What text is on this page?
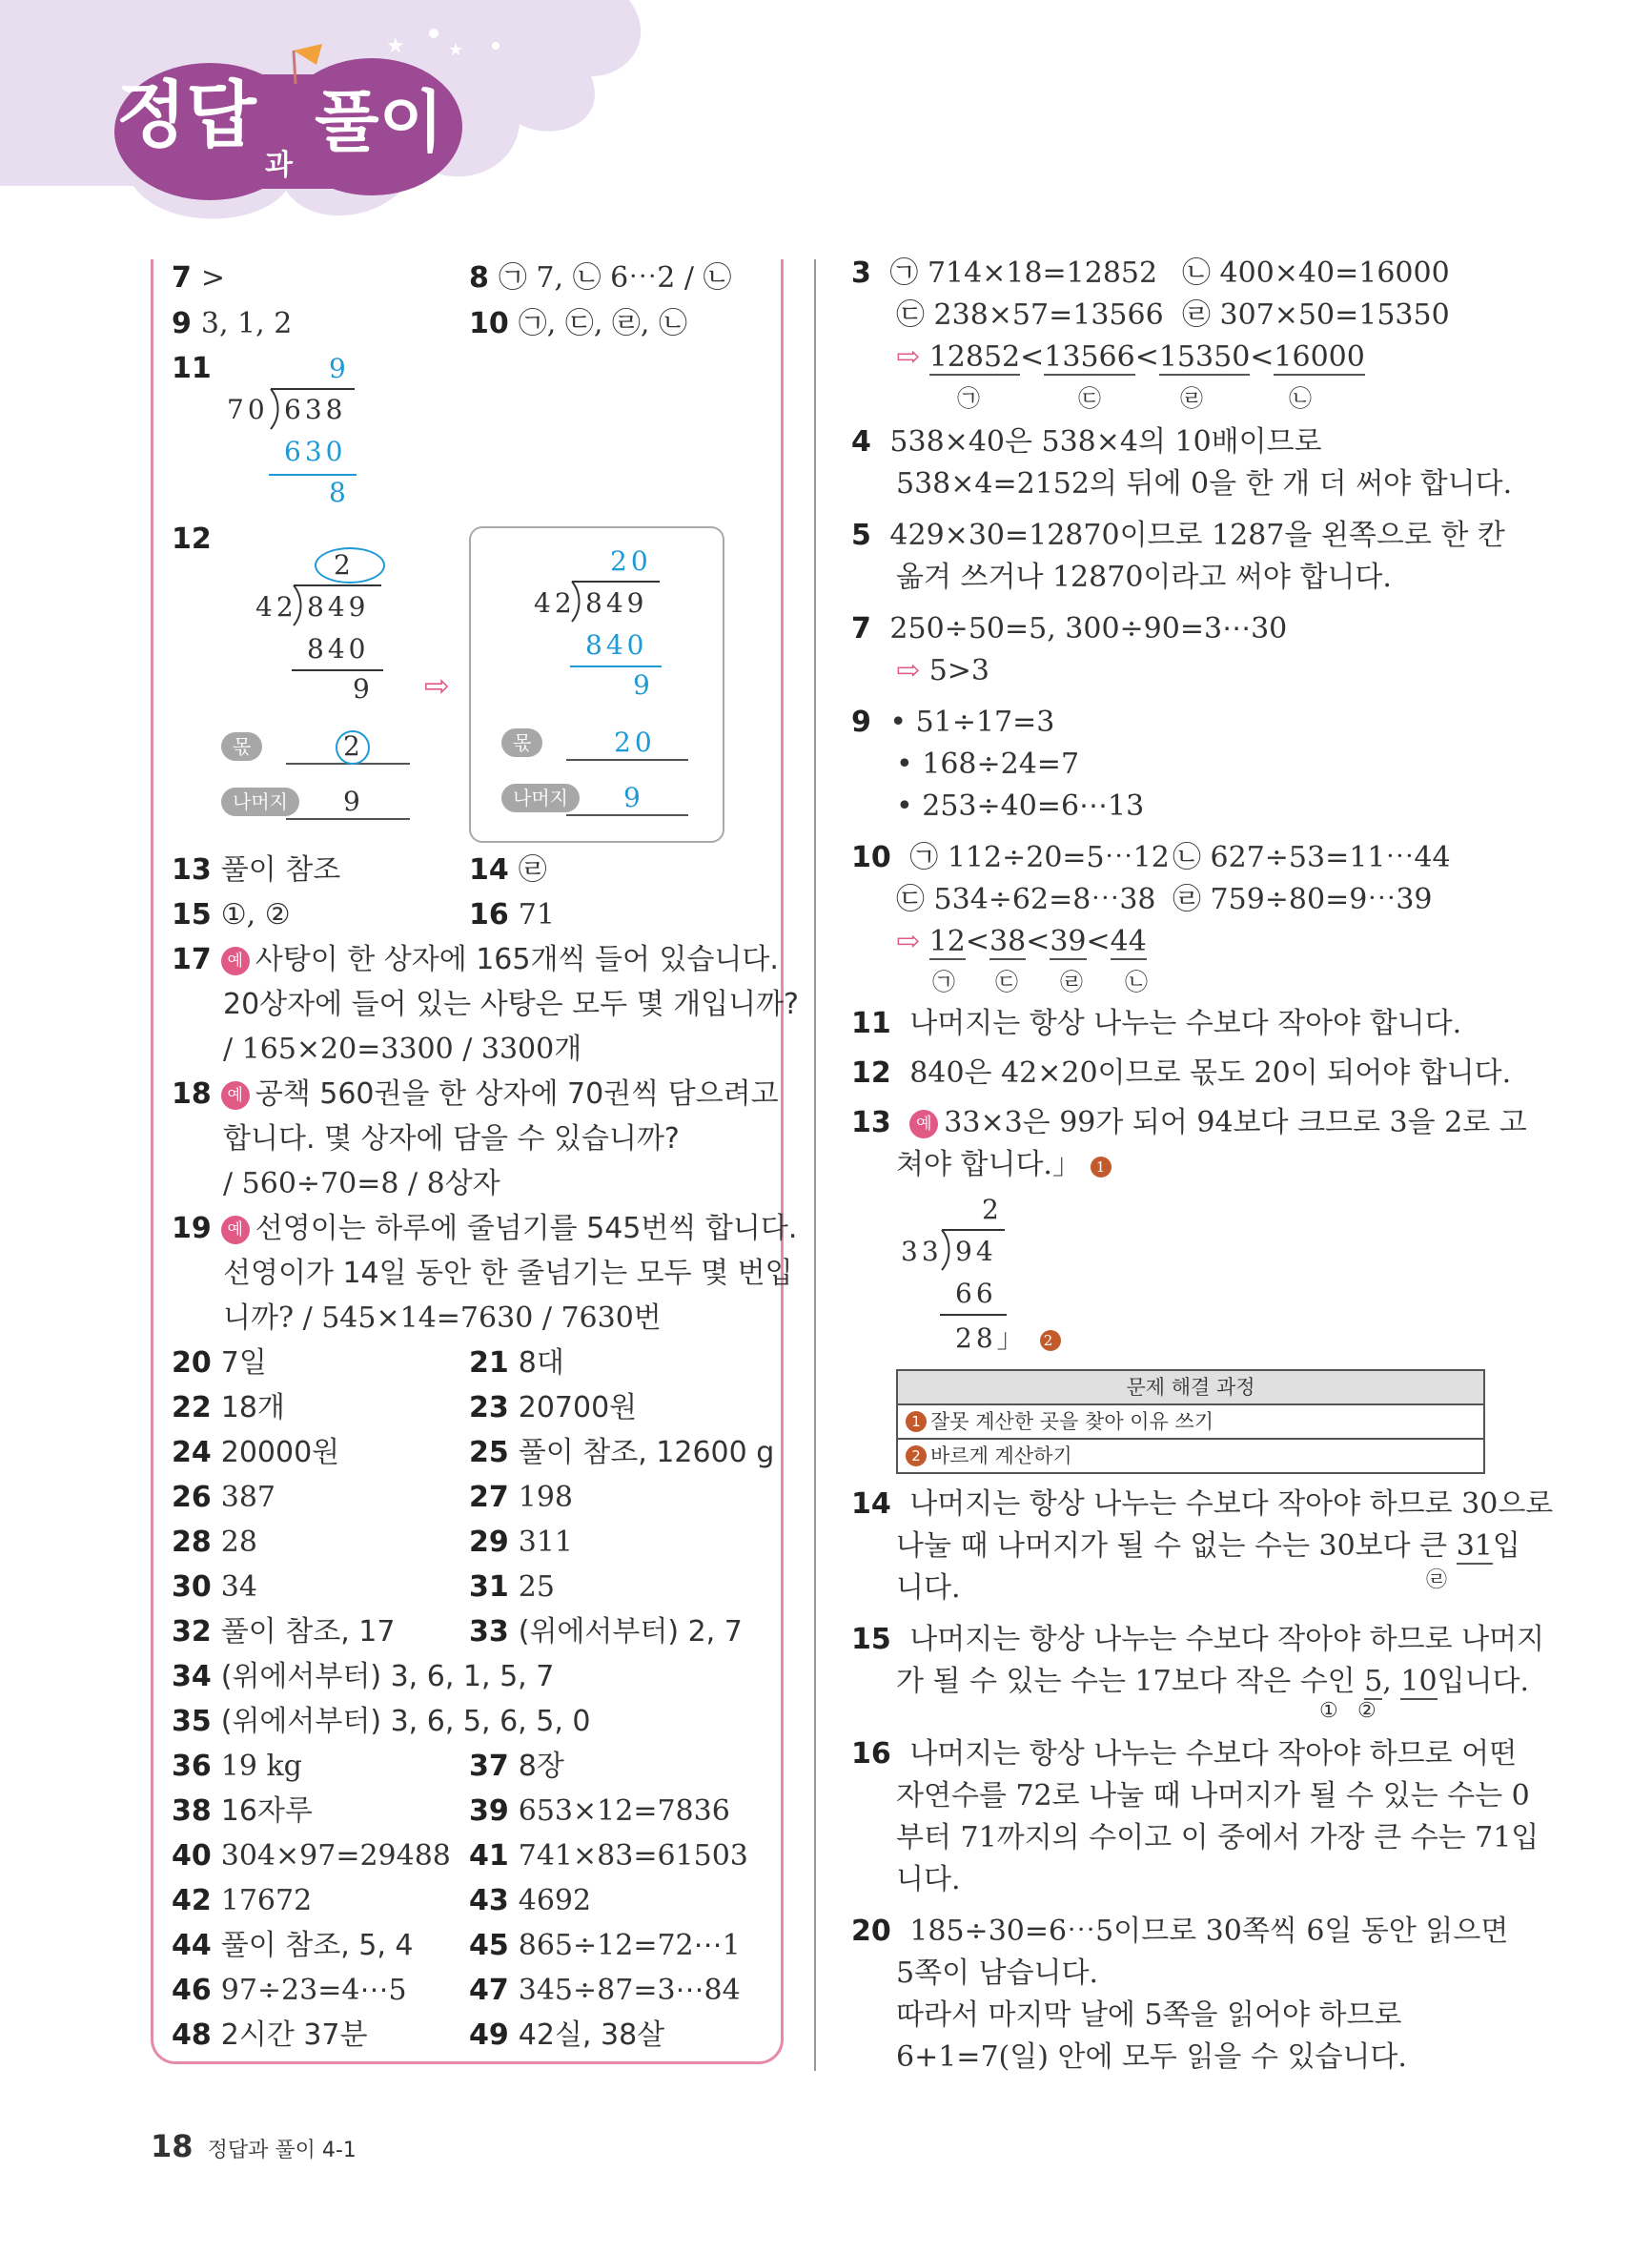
★	★
정답
과
풀이
7 >	8 ㉠ 7, ㉡ 6⋯2 / ㉡
9 3, 1, 2	10 ㉠, ㉢, ㉣, ㉡
11	9
70 638
630
8
12
2
42 849
840
9 ⇨
몫	2
나머지	9
20
42 849
840
9
몫	20
나머지	9
13 풀이 참조	14 ㉣
15 ①, ②	16 71
17 예 사탕이 한 상자에 165개씩 들어 있습니다.
20상자에 들어 있는 사탕은 모두 몇 개입니까?
/ 165×20=3300 / 3300개
18 예 공책 560권을 한 상자에 70권씩 담으려고
합니다. 몇 상자에 담을 수 있습니까?
/ 560÷70=8 / 8상자
19 예 선영이는 하루에 줄넘기를 545번씩 합니다.
선영이가 14일 동안 한 줄넘기는 모두 몇 번입
니까? / 545×14=7630 / 7630번
20 7일	21 8대
22 18개	23 20700원
24 20000원	25 풀이 참조, 12600 g
26 387	27 198
28 28	29 311
30 34	31 25
32 풀이 참조, 17	33 (위에서부터) 2, 7
34 (위에서부터) 3, 6, 1, 5, 7
35 (위에서부터) 3, 6, 5, 6, 5, 0
36 19 kg	37 8장
38 16자루	39 653×12=7836
40 304×97=29488 41 741×83=61503
42 17672	43 4692
44 풀이 참조, 5, 4 45 865÷12=72⋯1
46 97÷23=4⋯5 47 345÷87=3⋯84
48 2시간 37분	49 42실, 38살
3 ㉠ 714×18=12852 ㉡ 400×40=16000
㉢ 238×57=13566 ㉣ 307×50=15350
⇨ 12852<13566<15350<16000
㉠	㉢	㉣	㉡
4 538×40은 538×4의 10배이므로
538×4=2152의 뒤에 0을 한 개 더 써야 합니다.
5 429×30=12870이므로 1287을 왼쪽으로 한 칸
옮겨 쓰거나 12870이라고 써야 합니다.
7 250÷50=5, 300÷90=3⋯30
⇨ 5>3
9 • 51÷17=3
• 168÷24=7
• 253÷40=6⋯13
10 ㉠ 112÷20=5⋯12 ㉡ 627÷53=11⋯44
㉢ 534÷62=8⋯38 ㉣ 759÷80=9⋯39
⇨ 12<38<39<44
㉠ ㉢ ㉣ ㉡
11 나머지는 항상 나누는 수보다 작아야 합니다.
12 840은 42×20이므로 몫도 20이 되어야 합니다.
13 예 33×3은 99가 되어 94보다 크므로 3을 2로 고
쳐야 합니다.」 1
2
33 94
66
28」 2
문제 해결 과정
1 잘못 계산한 곳을 찾아 이유 쓰기
2 바르게 계산하기
14 나머지는 항상 나누는 수보다 작아야 하므로 30으로
나눌 때 나머지가 될 수 없는 수는 30보다 큰 31입
㉣
니다.
15 나머지는 항상 나누는 수보다 작아야 하므로 나머지
가 될 수 있는 수는 17보다 작은 수인 5, 10입니다.
① ②
16 나머지는 항상 나누는 수보다 작아야 하므로 어떤
자연수를 72로 나눌 때 나머지가 될 수 있는 수는 0
부터 71까지의 수이고 이 중에서 가장 큰 수는 71입
니다.
20 185÷30=6⋯5이므로 30쪽씩 6일 동안 읽으면
5쪽이 남습니다.
따라서 마지막 날에 5쪽을 읽어야 하므로
6+1=7(일) 안에 모두 읽을 수 있습니다.
18 정답과 풀이 4-1
